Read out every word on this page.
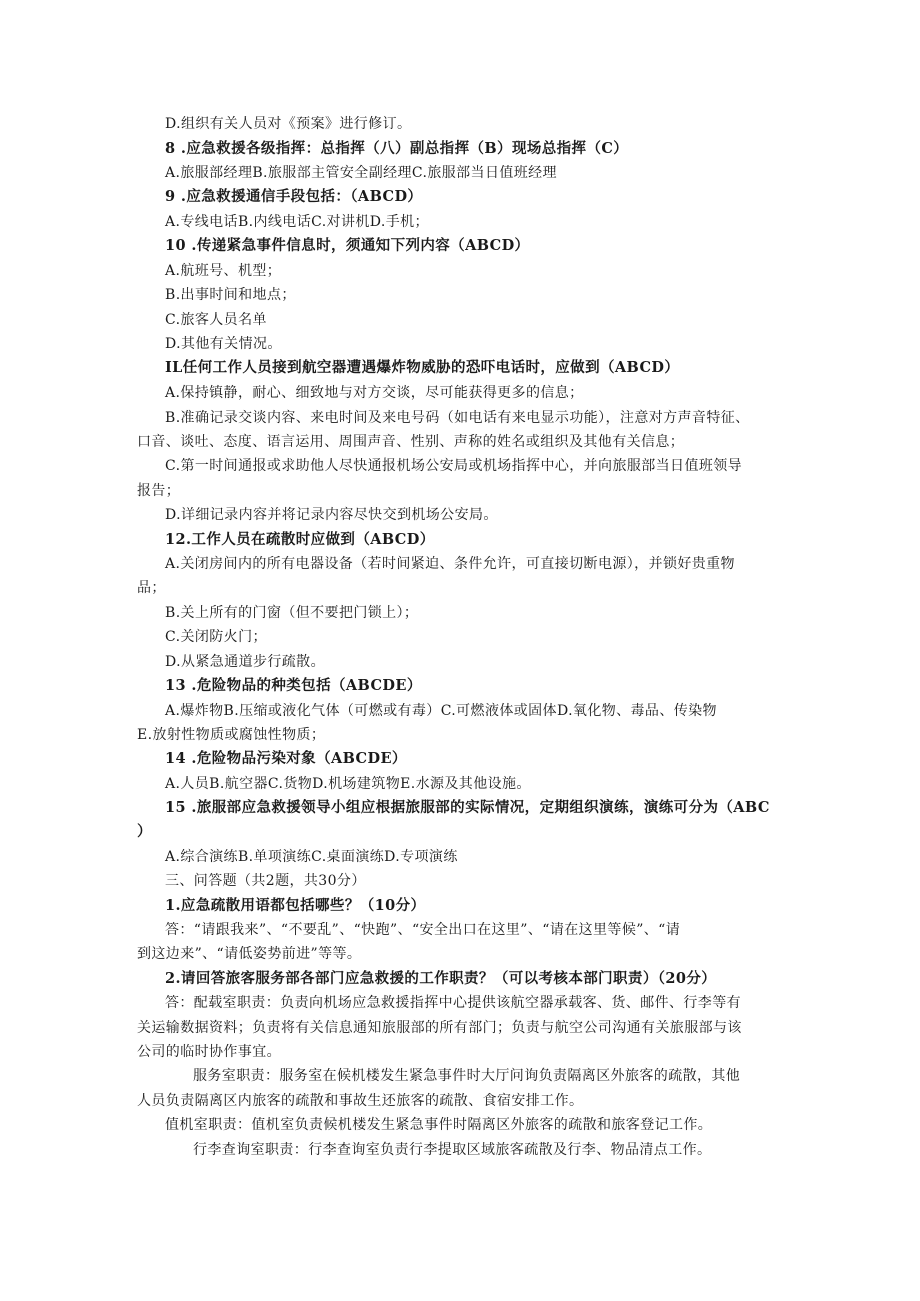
D.组织有关人员对《预案》进行修订。
8 .应急救援各级指挥：总指挥（八）副总指挥（B）现场总指挥（C）
A.旅服部经理B.旅服部主管安全副经理C.旅服部当日值班经理
9 .应急救援通信手段包括：（ABCD）
A.专线电话B.内线电话C.对讲机D.手机；
10 .传递紧急事件信息时，须通知下列内容（ABCD）
A.航班号、机型；
B.出事时间和地点；
C.旅客人员名单
D.其他有关情况。
IL任何工作人员接到航空器遭遇爆炸物威胁的恐吓电话时，应做到（ABCD）
A.保持镇静，耐心、细致地与对方交谈，尽可能获得更多的信息；
B.准确记录交谈内容、来电时间及来电号码（如电话有来电显示功能），注意对方声音特征、
口音、谈吐、态度、语言运用、周围声音、性别、声称的姓名或组织及其他有关信息；
C.第一时间通报或求助他人尽快通报机场公安局或机场指挥中心，并向旅服部当日值班领导
报告；
D.详细记录内容并将记录内容尽快交到机场公安局。
12.工作人员在疏散时应做到（ABCD）
A.关闭房间内的所有电器设备（若时间紧迫、条件允许，可直接切断电源），并锁好贵重物
品；
B.关上所有的门窗（但不要把门锁上）；
C.关闭防火门；
D.从紧急通道步行疏散。
13 .危险物品的种类包括（ABCDE）
A.爆炸物B.压缩或液化气体（可燃或有毒）C.可燃液体或固体D.氧化物、毒品、传染物
E.放射性物质或腐蚀性物质；
14 .危险物品污染对象（ABCDE）
A.人员B.航空器C.货物D.机场建筑物E.水源及其他设施。
15 .旅服部应急救援领导小组应根据旅服部的实际情况，定期组织演练，演练可分为（ABC
）
A.综合演练B.单项演练C.桌面演练D.专项演练
三、问答题（共2题，共30分）
1.应急疏散用语都包括哪些？（10分）
答：“请跟我来”、“不要乱”、“快跑”、“安全出口在这里”、“请在这里等候”、“请
到这边来”、“请低姿势前进”等等。
2.请回答旅客服务部各部门应急救援的工作职责？（可以考核本部门职责）（20分）
答：配载室职责：负责向机场应急救援指挥中心提供该航空器承载客、货、邮件、行李等有
关运输数据资料；负责将有关信息通知旅服部的所有部门；负责与航空公司沟通有关旅服部与该
公司的临时协作事宜。
服务室职责：服务室在候机楼发生紧急事件时大厅问询负责隔离区外旅客的疏散，其他
人员负责隔离区内旅客的疏散和事故生还旅客的疏散、食宿安排工作。
值机室职责：值机室负责候机楼发生紧急事件时隔离区外旅客的疏散和旅客登记工作。
行李查询室职责：行李查询室负责行李提取区域旅客疏散及行李、物品清点工作。
